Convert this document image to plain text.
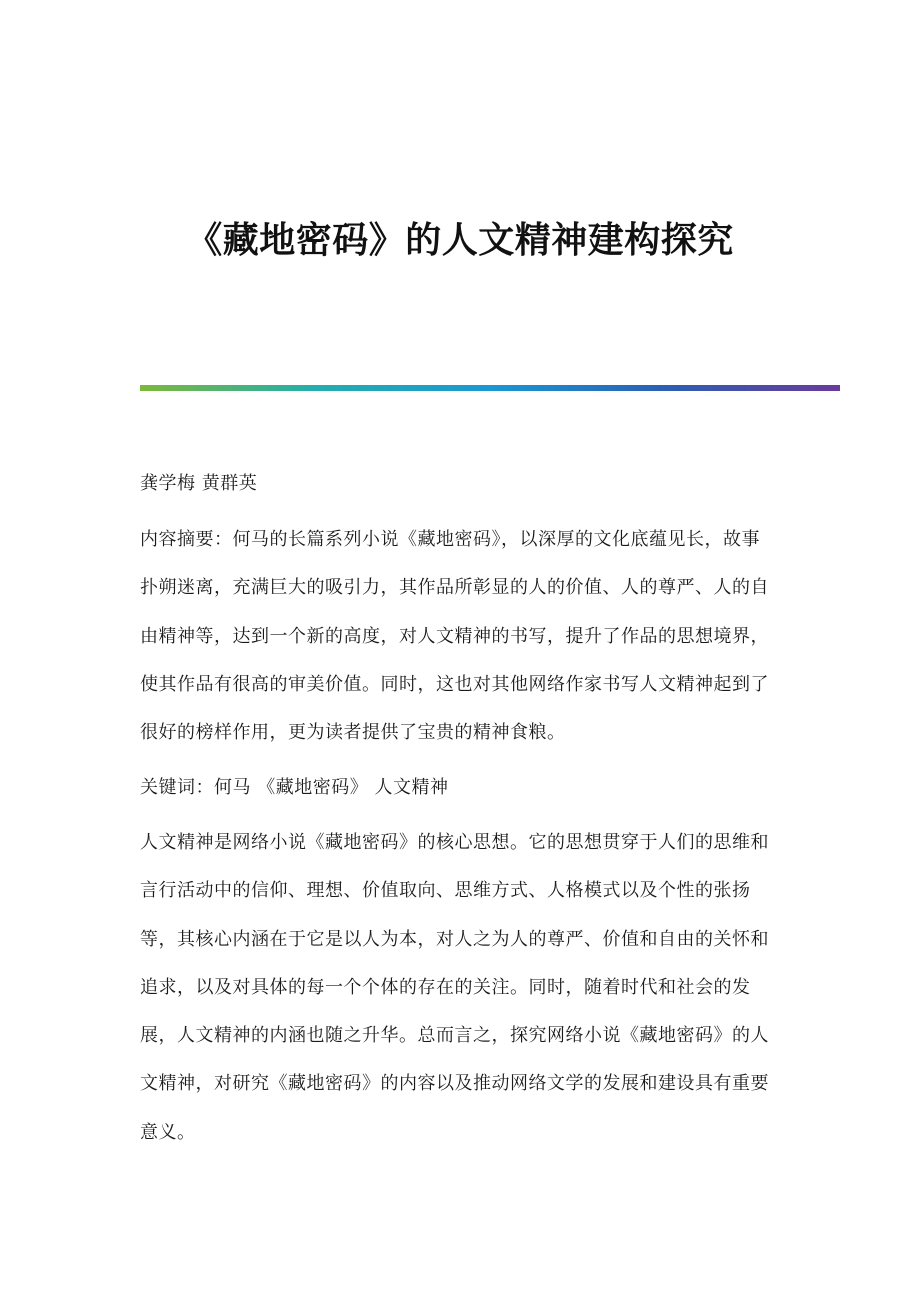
《藏地密码》的人文精神建构探究
龚学梅 黄群英
内容摘要：何马的长篇系列小说《藏地密码》，以深厚的文化底蕴见长，故事
扑朔迷离，充满巨大的吸引力，其作品所彰显的人的价值、人的尊严、人的自
由精神等，达到一个新的高度，对人文精神的书写，提升了作品的思想境界，
使其作品有很高的审美价值。同时，这也对其他网络作家书写人文精神起到了
很好的榜样作用，更为读者提供了宝贵的精神食粮。
关键词：何马 《藏地密码》 人文精神
人文精神是网络小说《藏地密码》的核心思想。它的思想贯穿于人们的思维和
言行活动中的信仰、理想、价值取向、思维方式、人格模式以及个性的张扬
等，其核心内涵在于它是以人为本，对人之为人的尊严、价值和自由的关怀和
追求，以及对具体的每一个个体的存在的关注。同时，随着时代和社会的发
展，人文精神的内涵也随之升华。总而言之，探究网络小说《藏地密码》的人
文精神，对研究《藏地密码》的内容以及推动网络文学的发展和建设具有重要
意义。
